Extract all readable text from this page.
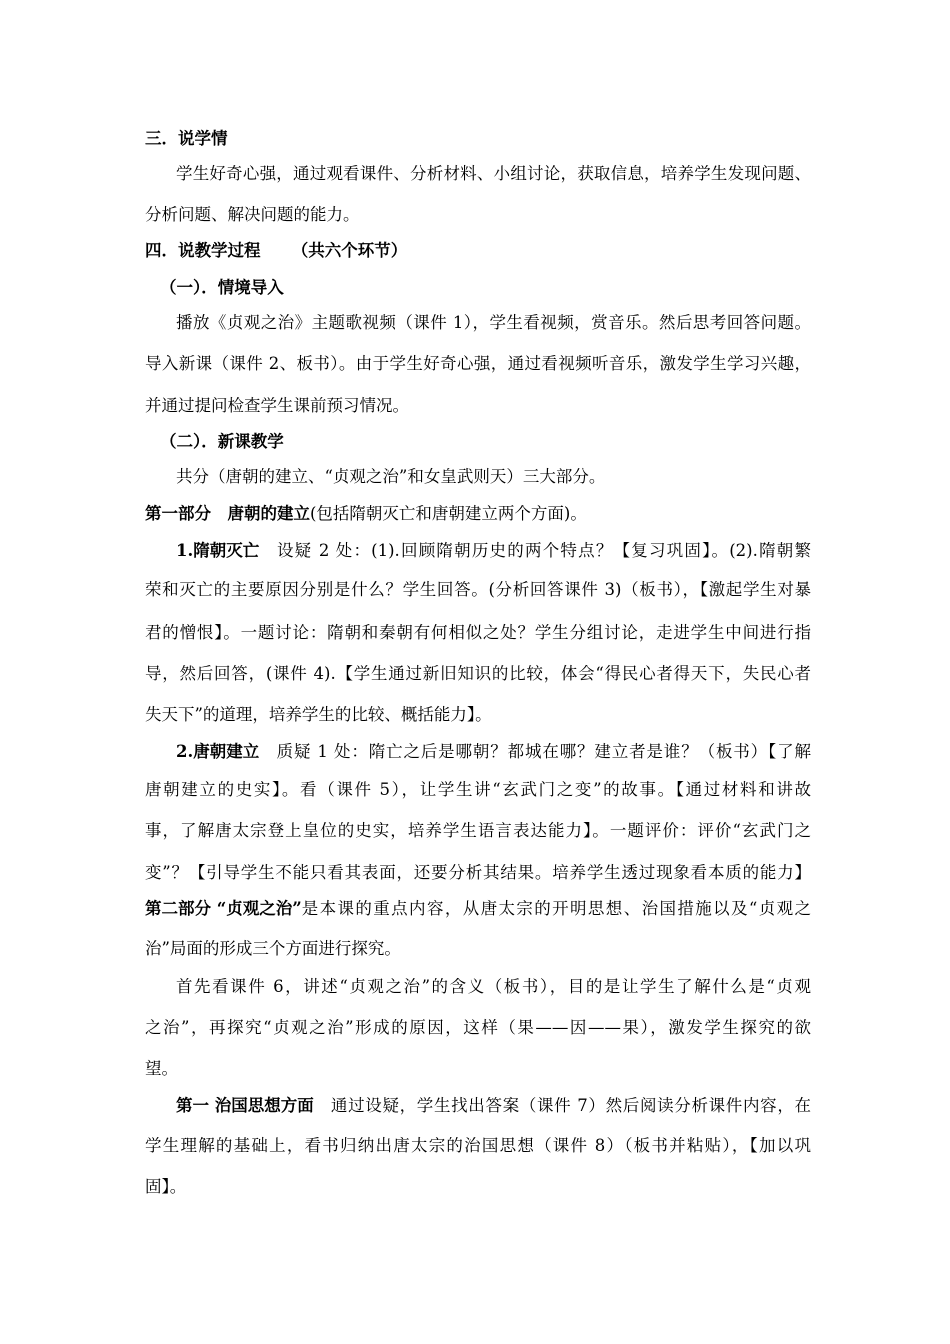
三．说学情
学生好奇心强，通过观看课件、分析材料、小组讨论，获取信息，培养学生发现问题、
分析问题、解决问题的能力。
四．说教学过程 （共六个环节）
（一）．情境导入
播放《贞观之治》主题歌视频（课件 1），学生看视频，赏音乐。然后思考回答问题。
导入新课（课件 2、板书）。由于学生好奇心强，通过看视频听音乐，激发学生学习兴趣，
并通过提问检查学生课前预习情况。
（二）．新课教学
共分（唐朝的建立、“贞观之治”和女皇武则天）三大部分。
第一部分　唐朝的建立(包括隋朝灭亡和唐朝建立两个方面)。
1.隋朝灭亡 　设疑 2 处：(1).回顾隋朝历史的两个特点？【复习巩固】。(2).隋朝繁
荣和灭亡的主要原因分别是什么？学生回答。(分析回答课件 3)（板书），【激起学生对暴
君的憎恨】。一题讨论：隋朝和秦朝有何相似之处？学生分组讨论，走进学生中间进行指
导，然后回答，(课件 4).【学生通过新旧知识的比较，体会“得民心者得天下，失民心者
失天下”的道理，培养学生的比较、概括能力】。
2.唐朝建立 　质疑 1 处：隋亡之后是哪朝？都城在哪？建立者是谁？（板书）【了解
唐朝建立的史实】。看（课件 5），让学生讲“玄武门之变”的故事。【通过材料和讲故
事，了解唐太宗登上皇位的史实，培养学生语言表达能力】。一题评价：评价“玄武门之
变”？【引导学生不能只看其表面，还要分析其结果。培养学生透过现象看本质的能力】
第二部分 “贞观之治” 是本课的重点内容，从唐太宗的开明思想、治国措施以及“贞观之
治”局面的形成三个方面进行探究。
首先看课件 6，讲述“贞观之治”的含义（板书），目的是让学生了解什么是“贞观
之治”，再探究“贞观之治”形成的原因，这样（果——因——果），激发学生探究的欲
望。
第一 治国思想方面 　通过设疑，学生找出答案（课件 7）然后阅读分析课件内容，在
学生理解的基础上，看书归纳出唐太宗的治国思想（课件 8）（板书并粘贴），【加以巩
固】。
